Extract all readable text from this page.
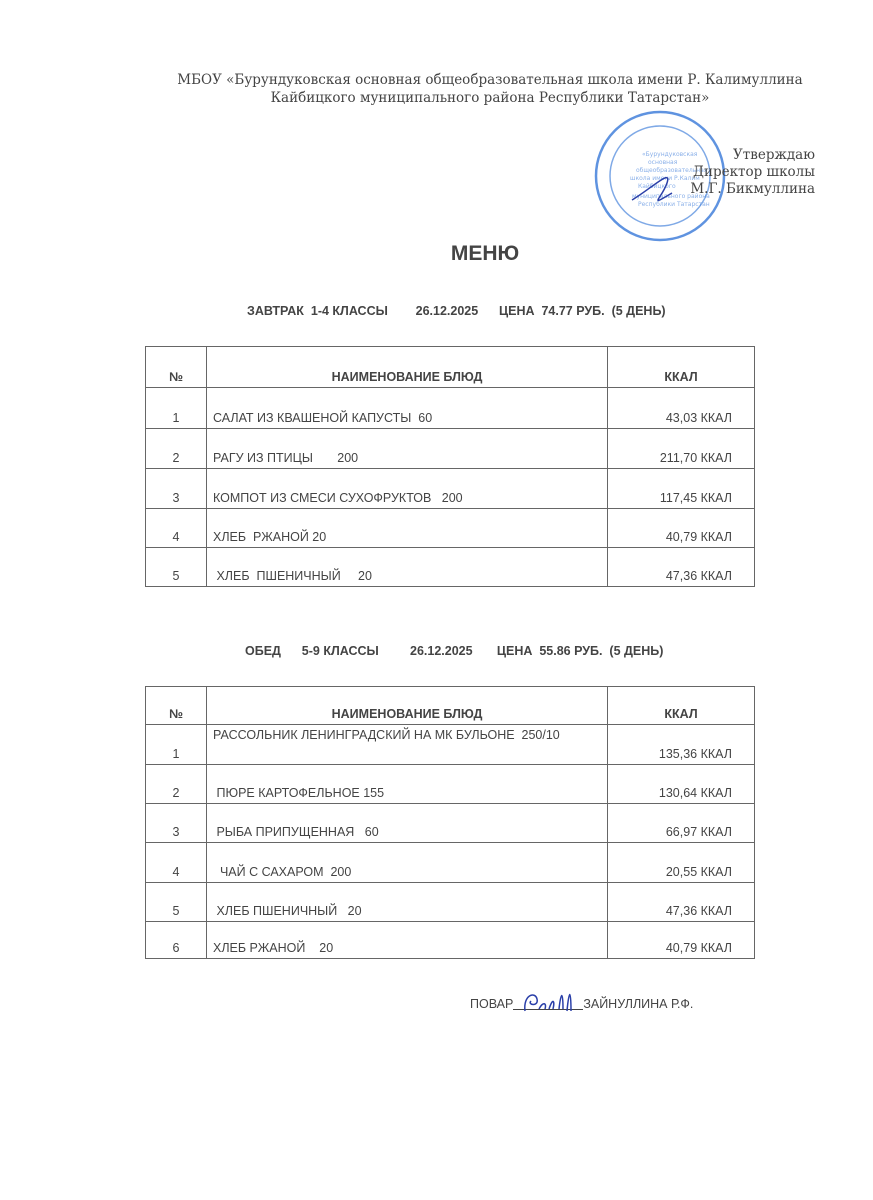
МБОУ «Бурундуковская основная общеобразовательная школа имени Р. Калимуллина
Кайбицкого муниципального района Республики Татарстан»
«Бурундуковская
основная
общеобразовательная
школа имени Р.Калим
Кайбицкого
муниципального района
Республики Татарстан
Утверждаю
Директор школы
М.Г. Бикмуллина
МЕНЮ
ЗАВТРАК  1-4 КЛАССЫ        26.12.2025      ЦЕНА  74.77 РУБ.  (5 ДЕНЬ)
№	НАИМЕНОВАНИЕ БЛЮД	ККАЛ
1	САЛАТ ИЗ КВАШЕНОЙ КАПУСТЫ  60	43,03 ККАЛ
2	РАГУ ИЗ ПТИЦЫ       200	211,70 ККАЛ
3	КОМПОТ ИЗ СМЕСИ СУХОФРУКТОВ   200	117,45 ККАЛ
4	ХЛЕБ  РЖАНОЙ 20	40,79 ККАЛ
5	ХЛЕБ  ПШЕНИЧНЫЙ     20	47,36 ККАЛ
ОБЕД      5-9 КЛАССЫ         26.12.2025       ЦЕНА  55.86 РУБ.  (5 ДЕНЬ)
№	НАИМЕНОВАНИЕ БЛЮД	ККАЛ
1	РАССОЛЬНИК ЛЕНИНГРАДСКИЙ НА МК БУЛЬОНЕ  250/10	135,36 ККАЛ
2	ПЮРЕ КАРТОФЕЛЬНОЕ 155	130,64 ККАЛ
3	РЫБА ПРИПУЩЕННАЯ   60	66,97 ККАЛ
4	ЧАЙ С САХАРОМ  200	20,55 ККАЛ
5	ХЛЕБ ПШЕНИЧНЫЙ   20	47,36 ККАЛ
6	ХЛЕБ РЖАНОЙ    20	40,79 ККАЛ
ПОВАР	ЗАЙНУЛЛИНА Р.Ф.
